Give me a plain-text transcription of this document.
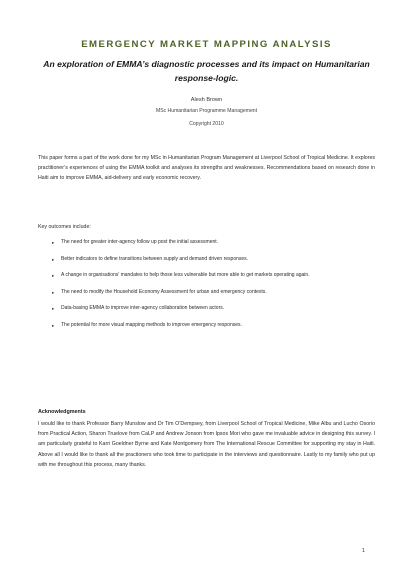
EMERGENCY MARKET MAPPING ANALYSIS
An exploration of EMMA’s diagnostic processes and its impact on Humanitarian response-logic.
Alesh Brown
MSc Humanitarian Programme Management
Copyright 2010
This paper forms a part of the work done for my MSc in Humanitarian Program Management at Liverpool School of Tropical Medicine. It explores practitioner’s experiences of using the EMMA toolkit and analyses its strengths and weaknesses. Recommendations based on research done in Haiti aim to improve EMMA, aid-delivery and early economic recovery.
Key outcomes include:
▸ The need for greater inter-agency follow up post the initial assessment.
▸ Better indicators to define transitions between supply and demand driven responses.
▸ A change in organisations’ mandates to help those less vulnerable but more able to get markets operating again.
▸ The need to modify the Household Economy Assessment for urban and emergency contexts.
▸ Data-basing EMMA to improve inter-agency collaboration between actors.
▸ The potential for more visual mapping methods to improve emergency responses.
Acknowledgments
I would like to thank Professor Barry Munslow and Dr Tim O’Dempsey, from Liverpool School of Tropical Medicine, Mike Albu and Lucho Osorio from Practical Action, Sharon Truelove from CaLP and Andrew Jonson from Ipsos Mori who gave me invaluable advice in designing this survey. I am particularly grateful to Karri Goeldner Byrne and Kate Montgomery from The International Rescue Committee for supporting my stay in Haiti. Above all I would like to thank all the practioners who took time to participate in the interviews and questionnaire. Lastly to my family who put up with me throughout this process, many thanks.
1
